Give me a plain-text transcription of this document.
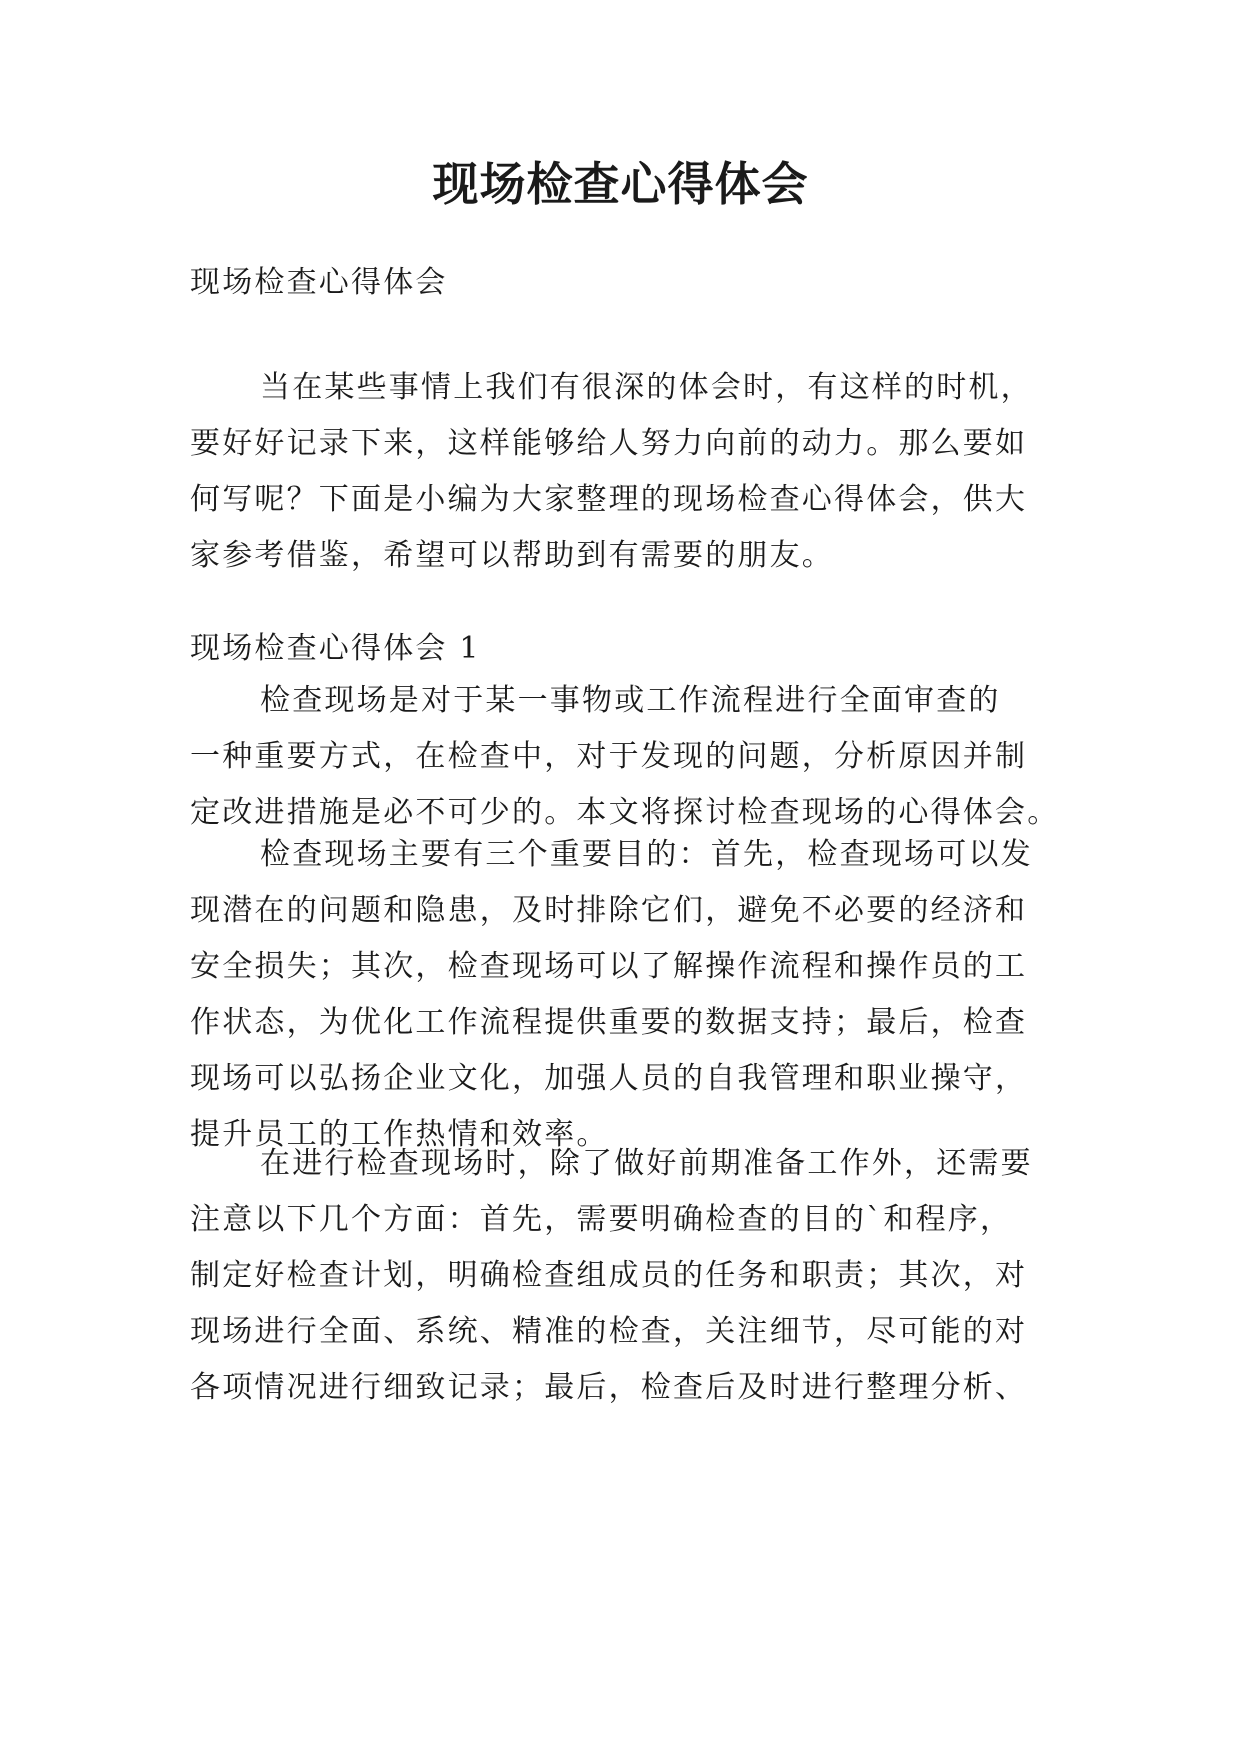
现场检查心得体会

现场检查心得体会

当在某些事情上我们有很深的体会时，有这样的时机，
要好好记录下来，这样能够给人努力向前的动力。那么要如
何写呢？下面是小编为大家整理的现场检查心得体会，供大
家参考借鉴，希望可以帮助到有需要的朋友。

现场检查心得体会 1

检查现场是对于某一事物或工作流程进行全面审查的
一种重要方式，在检查中，对于发现的问题，分析原因并制
定改进措施是必不可少的。本文将探讨检查现场的心得体会。
检查现场主要有三个重要目的：首先，检查现场可以发
现潜在的问题和隐患，及时排除它们，避免不必要的经济和
安全损失；其次，检查现场可以了解操作流程和操作员的工
作状态，为优化工作流程提供重要的数据支持；最后，检查
现场可以弘扬企业文化，加强人员的自我管理和职业操守，
提升员工的工作热情和效率。
在进行检查现场时，除了做好前期准备工作外，还需要
注意以下几个方面：首先，需要明确检查的目的`和程序，
制定好检查计划，明确检查组成员的任务和职责；其次，对
现场进行全面、系统、精准的检查，关注细节，尽可能的对
各项情况进行细致记录；最后，检查后及时进行整理分析、
